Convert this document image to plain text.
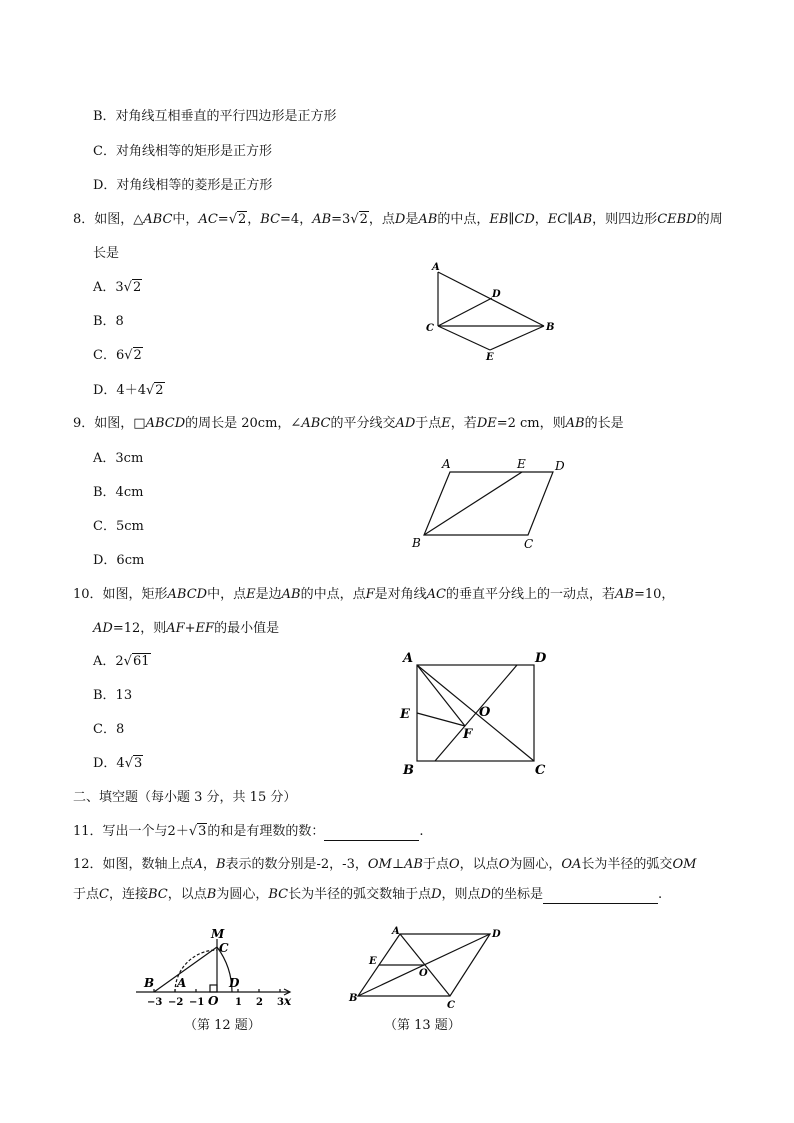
B．对角线互相垂直的平行四边形是正方形
C．对角线相等的矩形是正方形
D．对角线相等的菱形是正方形
8．如图，△ABC中，AC=√2，BC=4，AB=3√2，点D是AB的中点，EB∥CD，EC∥AB，则四边形CEBD的周
长是
A．3√2
B．8
C．6√2
D．4＋4√2
A
D
C	B
E
9．如图，□ABCD的周长是 20cm，∠ABC的平分线交AD于点E，若DE=2 cm，则AB的长是
A．3cm
B．4cm
C．5cm
D．6cm
A	E D
B	C
10．如图，矩形ABCD中，点E是边AB的中点，点F是对角线AC的垂直平分线上的一动点，若AB=10，
AD=12，则AF+EF的最小值是
A．2√61
B．13
C．8
D．4√3
A	D
E	O
F
B	C
二、填空题（每小题 3 分，共 15 分）
11．写出一个与2＋√3的和是有理数的数：	.
12．如图，数轴上点A，B表示的数分别是-2，-3，OM⊥AB于点O，以点O为圆心，OA长为半径的弧交OM
于点C，连接BC，以点B为圆心，BC长为半径的弧交数轴于点D，则点D的坐标是	.
M
C
B A
O
D
x
−3 −2 −1	1 2 3
（第 12 题）
A	D
E
O
B
C
（第 13 题）
